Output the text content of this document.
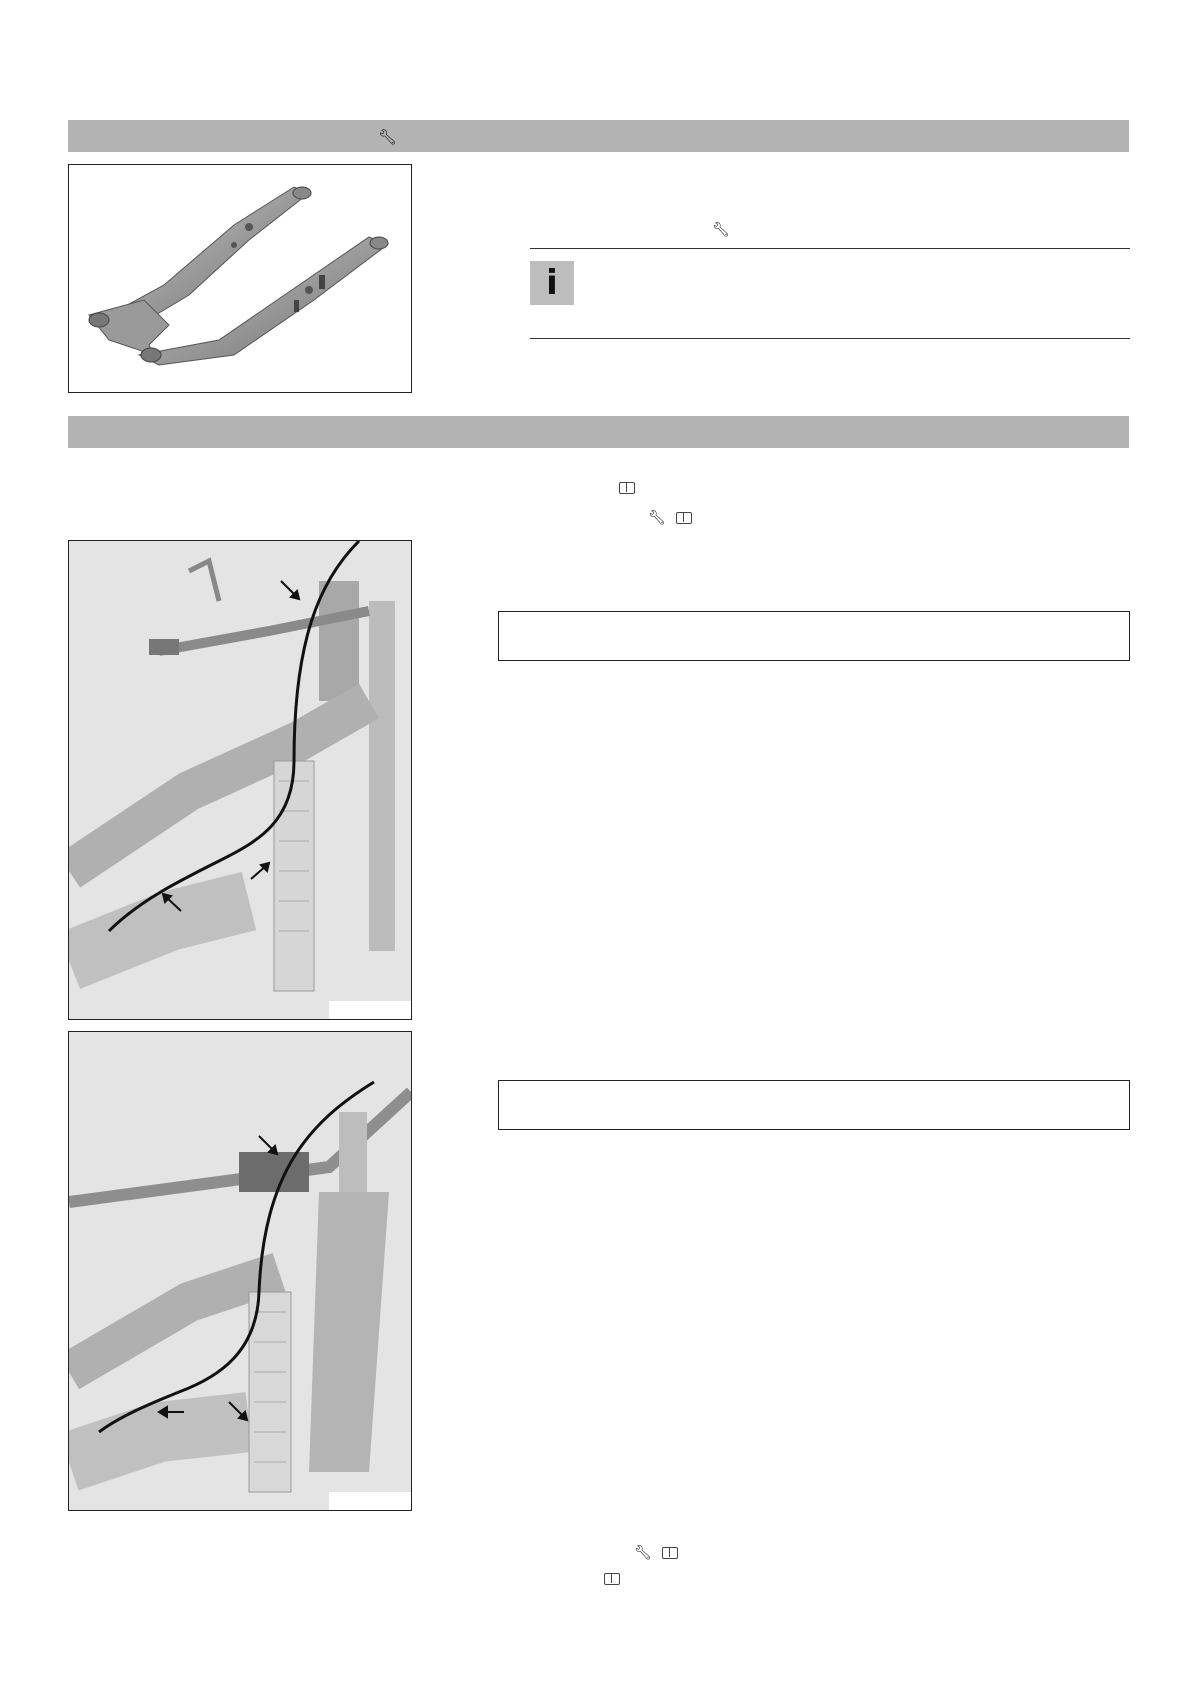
🔧︎
🔧︎
i
🔧︎
🔧︎
